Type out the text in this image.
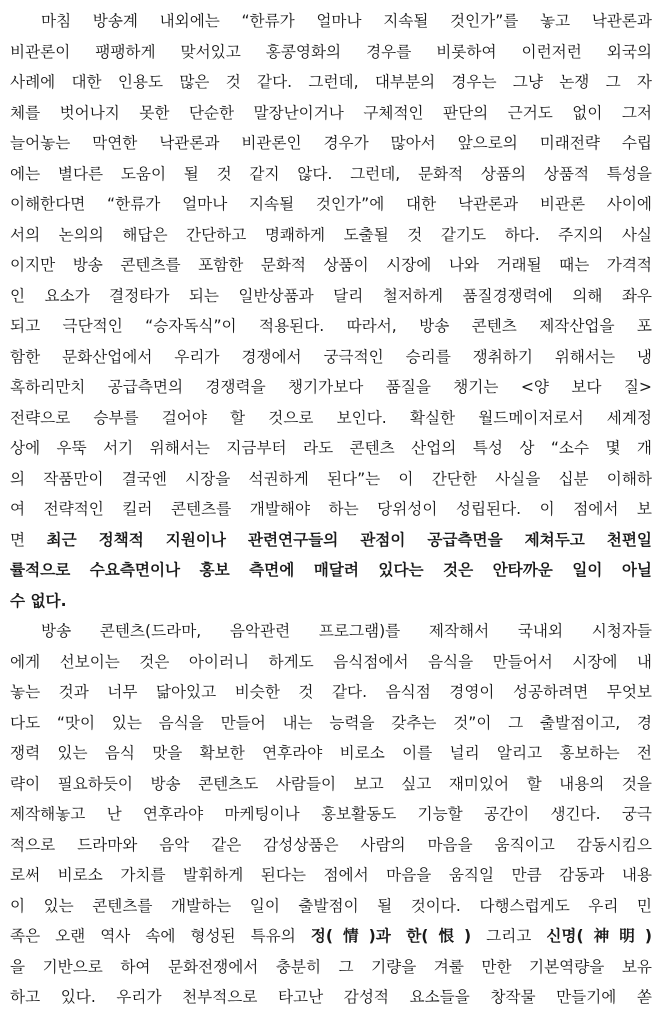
마침 방송계 내외에는 “한류가 얼마나 지속될 것인가”를 놓고 낙관론과
비관론이 팽팽하게 맞서있고 홍콩영화의 경우를 비롯하여 이런저런 외국의
사례에 대한 인용도 많은 것 같다. 그런데, 대부분의 경우는 그냥 논쟁 그 자
체를 벗어나지 못한 단순한 말장난이거나 구체적인 판단의 근거도 없이 그저
늘어놓는 막연한 낙관론과 비관론인 경우가 많아서 앞으로의 미래전략 수립
에는 별다른 도움이 될 것 같지 않다. 그런데, 문화적 상품의 상품적 특성을
이해한다면 “한류가 얼마나 지속될 것인가”에 대한 낙관론과 비관론 사이에
서의 논의의 해답은 간단하고 명쾌하게 도출될 것 같기도 하다. 주지의 사실
이지만 방송 콘텐츠를 포함한 문화적 상품이 시장에 나와 거래될 때는 가격적
인 요소가 결정타가 되는 일반상품과 달리 철저하게 품질경쟁력에 의해 좌우
되고 극단적인 “승자독식”이 적용된다. 따라서, 방송 콘텐츠 제작산업을 포
함한 문화산업에서 우리가 경쟁에서 궁극적인 승리를 쟁취하기 위해서는 냉
혹하리만치 공급측면의 경쟁력을 챙기가보다 품질을 챙기는 <양 보다 질>
전략으로 승부를 걸어야 할 것으로 보인다. 확실한 월드메이저로서 세계정
상에 우뚝 서기 위해서는 지금부터 라도 콘텐츠 산업의 특성 상 “소수 몇 개
의 작품만이 결국엔 시장을 석권하게 된다”는 이 간단한 사실을 십분 이해하
여 전략적인 킬러 콘텐츠를 개발해야 하는 당위성이 성립된다. 이 점에서 보
면 최근 정책적 지원이나 관련연구들의 관점이 공급측면을 제쳐두고 천편일
률적으로 수요측면이나 홍보 측면에 매달려 있다는 것은 안타까운 일이 아닐
수 없다.
방송 콘텐츠(드라마, 음악관련 프로그램)를 제작해서 국내외 시청자들
에게 선보이는 것은 아이러니 하게도 음식점에서 음식을 만들어서 시장에 내
놓는 것과 너무 닮아있고 비슷한 것 같다. 음식점 경영이 성공하려면 무엇보
다도 “맛이 있는 음식을 만들어 내는 능력을 갖추는 것”이 그 출발점이고, 경
쟁력 있는 음식 맛을 확보한 연후라야 비로소 이를 널리 알리고 홍보하는 전
략이 필요하듯이 방송 콘텐츠도 사람들이 보고 싶고 재미있어 할 내용의 것을
제작해놓고 난 연후라야 마케팅이나 홍보활동도 기능할 공간이 생긴다. 궁극
적으로 드라마와 음악 같은 감성상품은 사람의 마음을 움직이고 감동시킴으
로써 비로소 가치를 발휘하게 된다는 점에서 마음을 움직일 만큼 감동과 내용
이 있는 콘텐츠를 개발하는 일이 출발점이 될 것이다. 다행스럽게도 우리 민
족은 오랜 역사 속에 형성된 특유의 정(情)과 한(恨) 그리고 신명(神明)
을 기반으로 하여 문화전쟁에서 충분히 그 기량을 겨룰 만한 기본역량을 보유
하고 있다. 우리가 천부적으로 타고난 감성적 요소들을 창작물 만들기에 쏟
